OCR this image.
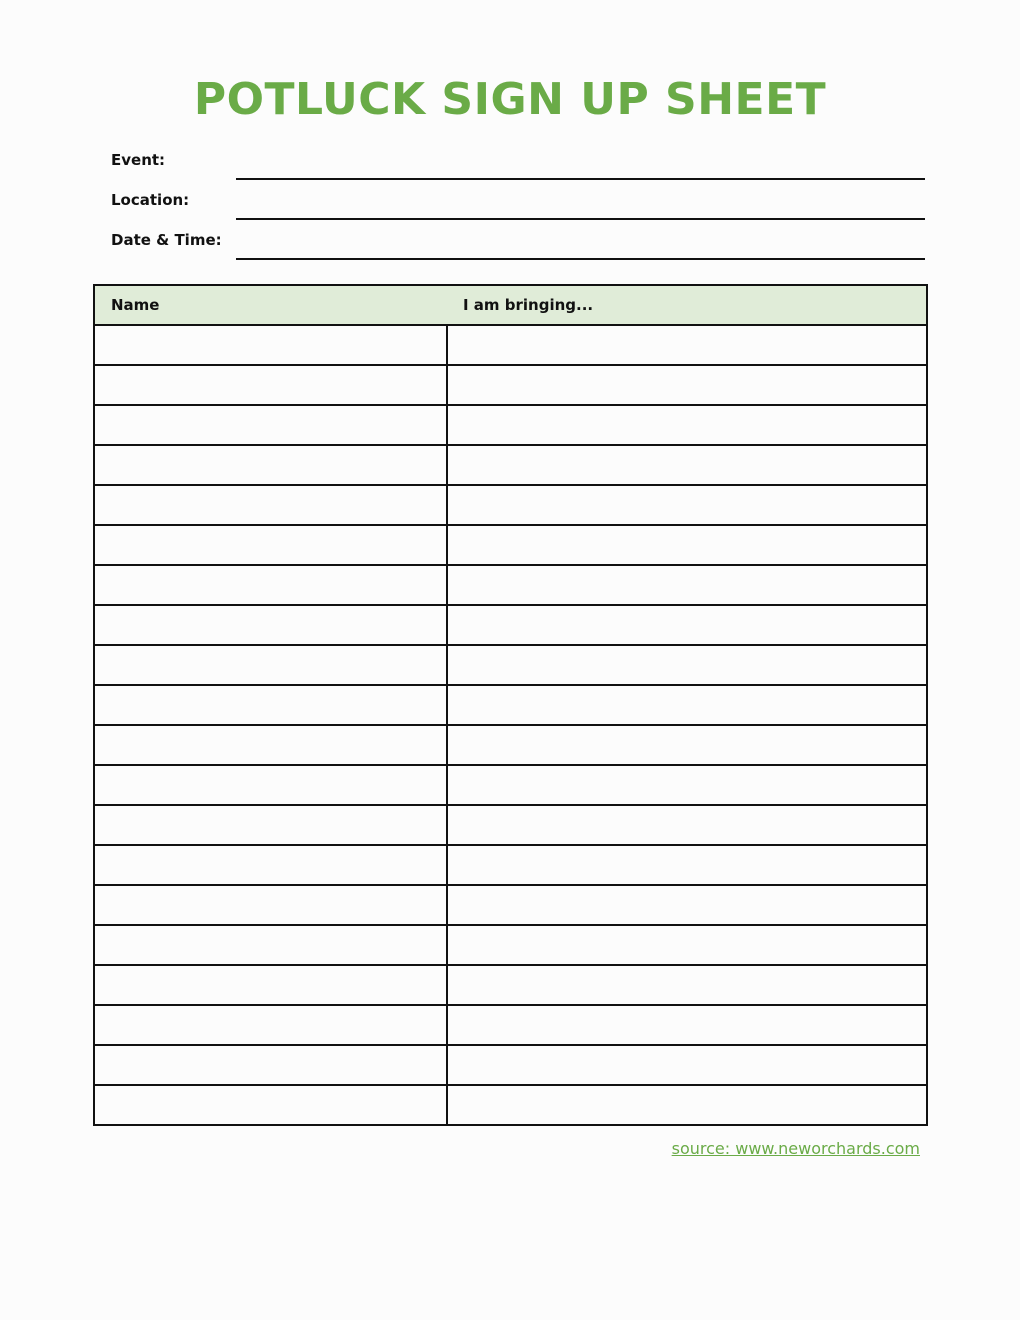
POTLUCK SIGN UP SHEET
Event:
Location:
Date & Time:
Name	I am bringing...

source: www.neworchards.com
